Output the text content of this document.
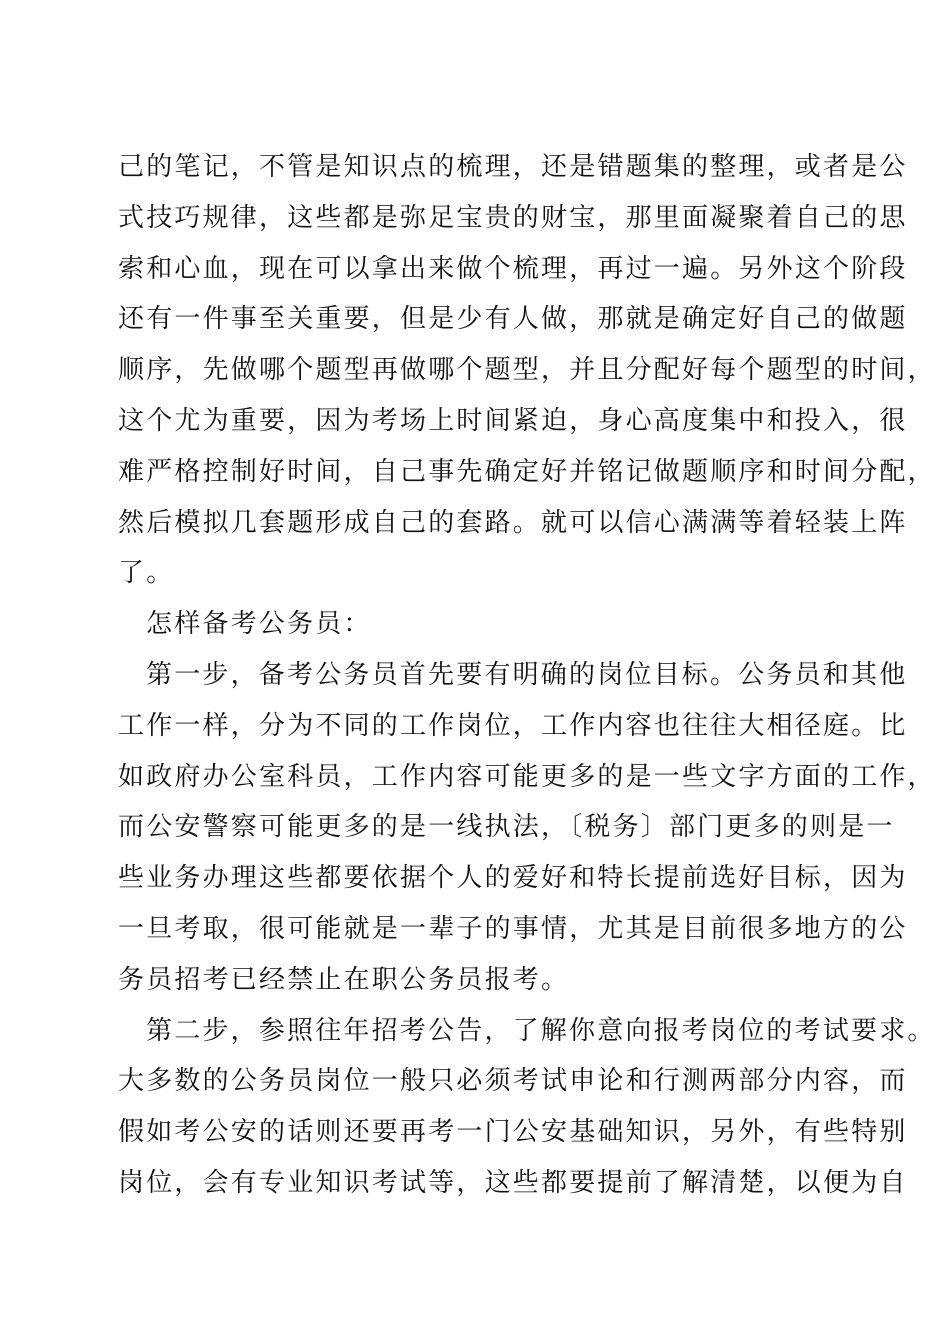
己的笔记，不管是知识点的梳理，还是错题集的整理，或者是公
式技巧规律，这些都是弥足宝贵的财宝，那里面凝聚着自己的思
索和心血，现在可以拿出来做个梳理，再过一遍。另外这个阶段
还有一件事至关重要，但是少有人做，那就是确定好自己的做题
顺序，先做哪个题型再做哪个题型，并且分配好每个题型的时间，
这个尤为重要，因为考场上时间紧迫，身心高度集中和投入，很
难严格控制好时间，自己事先确定好并铭记做题顺序和时间分配，
然后模拟几套题形成自己的套路。就可以信心满满等着轻装上阵
了。
怎样备考公务员：
第一步，备考公务员首先要有明确的岗位目标。公务员和其他
工作一样，分为不同的工作岗位，工作内容也往往大相径庭。比
如政府办公室科员，工作内容可能更多的是一些文字方面的工作，
而公安警察可能更多的是一线执法，〔税务〕部门更多的则是一
些业务办理这些都要依据个人的爱好和特长提前选好目标，因为
一旦考取，很可能就是一辈子的事情，尤其是目前很多地方的公
务员招考已经禁止在职公务员报考。
第二步，参照往年招考公告，了解你意向报考岗位的考试要求。
大多数的公务员岗位一般只必须考试申论和行测两部分内容，而
假如考公安的话则还要再考一门公安基础知识，另外，有些特别
岗位，会有专业知识考试等，这些都要提前了解清楚，以便为自
